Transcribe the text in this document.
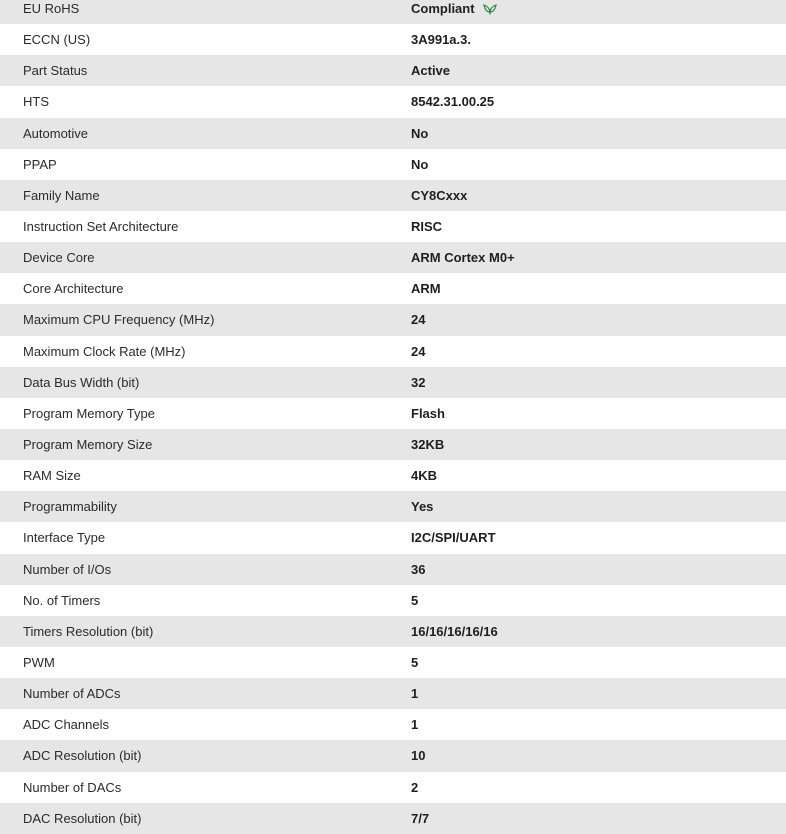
EU RoHS	Compliant
ECCN (US)	3A991a.3.
Part Status	Active
HTS	8542.31.00.25
Automotive	No
PPAP	No
Family Name	CY8Cxxx
Instruction Set Architecture	RISC
Device Core	ARM Cortex M0+
Core Architecture	ARM
Maximum CPU Frequency (MHz)	24
Maximum Clock Rate (MHz)	24
Data Bus Width (bit)	32
Program Memory Type	Flash
Program Memory Size	32KB
RAM Size	4KB
Programmability	Yes
Interface Type	I2C/SPI/UART
Number of I/Os	36
No. of Timers	5
Timers Resolution (bit)	16/16/16/16/16
PWM	5
Number of ADCs	1
ADC Channels	1
ADC Resolution (bit)	10
Number of DACs	2
DAC Resolution (bit)	7/7
